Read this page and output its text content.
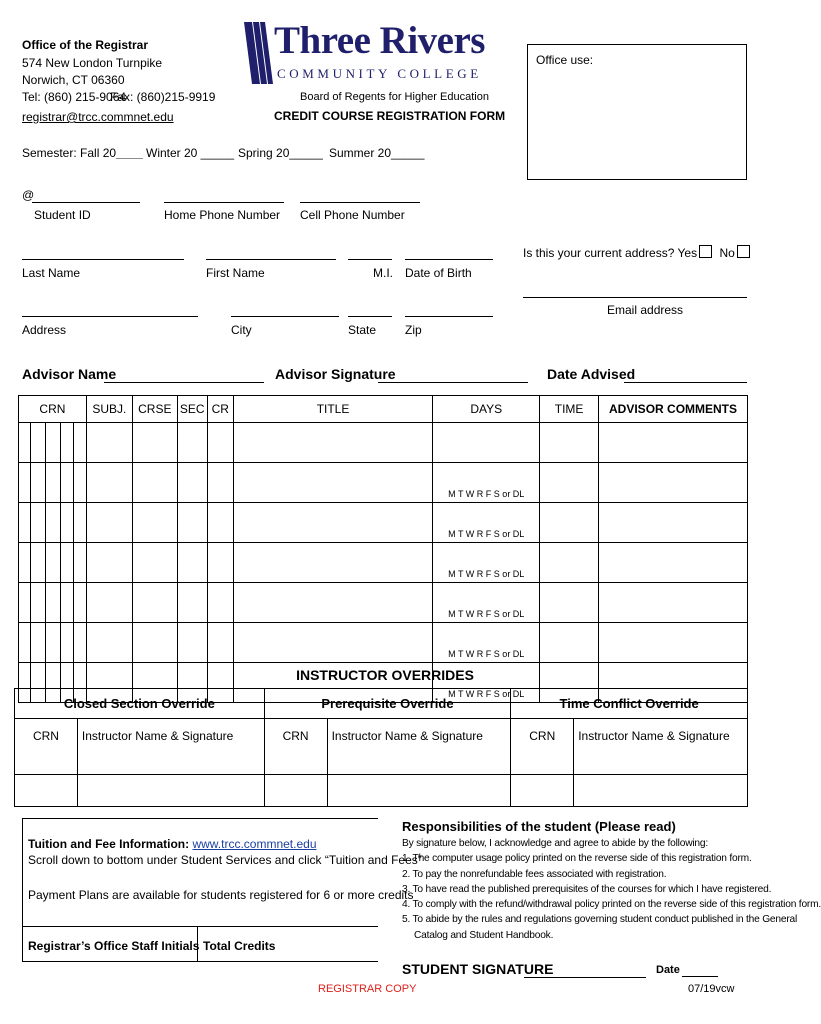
Office of the Registrar
574 New London Turnpike
Norwich, CT 06360
Tel: (860) 215-9064
Fax: (860)215-9919
registrar@trcc.commnet.edu
Three Rivers
COMMUNITY COLLEGE
Board of Regents for Higher Education
CREDIT COURSE REGISTRATION FORM
Office use:
Semester: Fall 20____ Winter 20 _____ Spring 20_____ Summer 20_____
@
Student ID	Home Phone Number Cell Phone Number
Last Name	First Name	M.I. Date of Birth
Is this your current address? Yes No
Email address
Address	City	State Zip
Advisor Name	Advisor Signature	Date Advised
CRN					SUBJ.	CRSE	SEC	CR	TITLE	DAYS	TIME	ADVISOR COMMENTS

										M T W R F S or DL		
										M T W R F S or DL		
										M T W R F S or DL		
										M T W R F S or DL		
										M T W R F S or DL		
										M T W R F S or DL		
INSTRUCTOR OVERRIDES
Closed Section Override		Prerequisite Override		Time Conflict Override	
CRN	Instructor Name & Signature	CRN	Instructor Name & Signature	CRN	Instructor Name & Signature

Tuition and Fee Information: www.trcc.commnet.edu
Scroll down to bottom under Student Services and click “Tuition and Fees”
Payment Plans are available for students registered for 6 or more credits
Registrar’s Office Staff Initials Total Credits
Responsibilities of the student (Please read)
By signature below, I acknowledge and agree to abide by the following:
1. The computer usage policy printed on the reverse side of this registration form.
2. To pay the nonrefundable fees associated with registration.
3. To have read the published prerequisites of the courses for which I have registered.
4. To comply with the refund/withdrawal policy printed on the reverse side of this registration form.
5. To abide by the rules and regulations governing student conduct published in the General
Catalog and Student Handbook.
STUDENT SIGNATURE	Date
REGISTRAR COPY	07/19vcw
